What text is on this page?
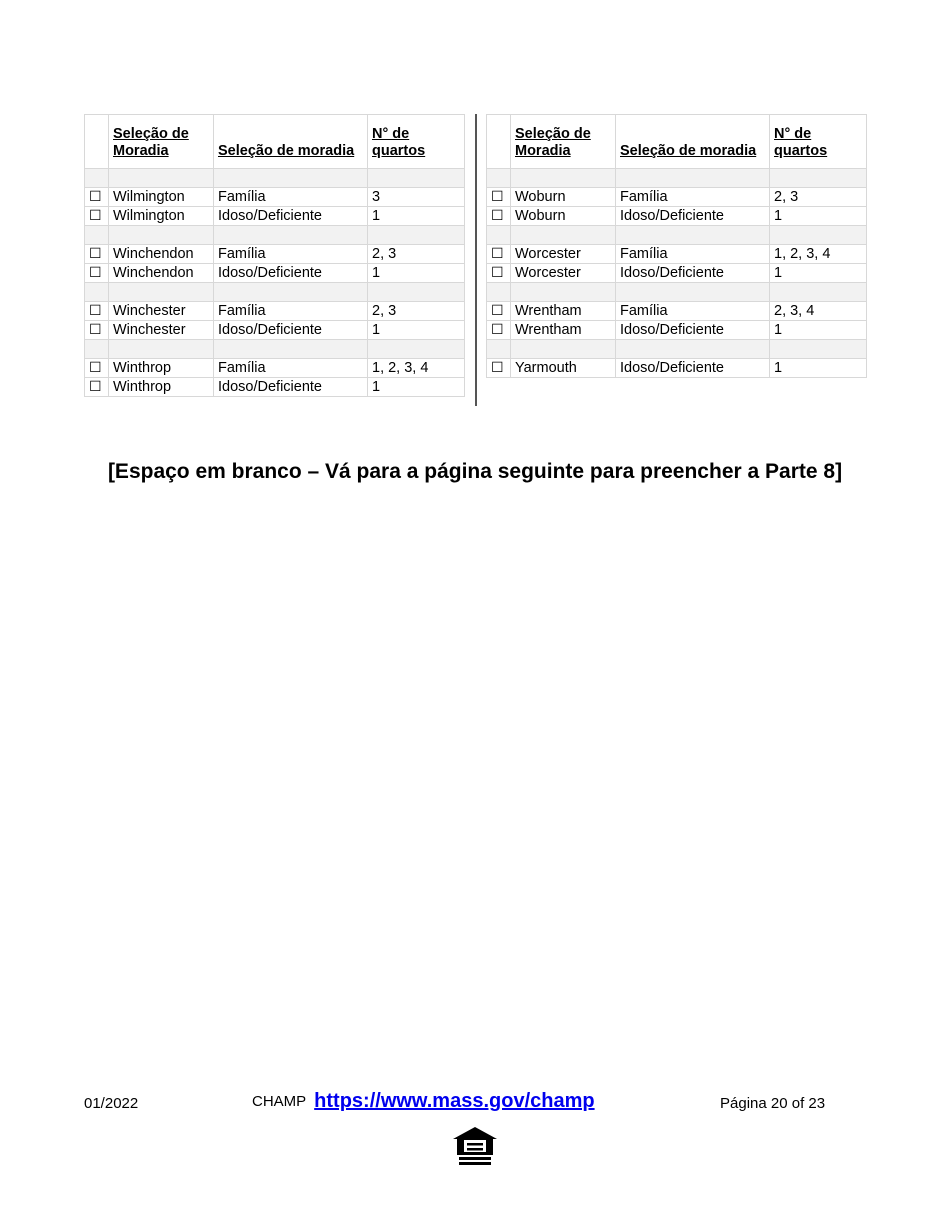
	Seleção de Moradia	Seleção de moradia	N° de quartos

☐	Wilmington	Família	3
☐	Wilmington	Idoso/Deficiente	1

☐	Winchendon	Família	2, 3
☐	Winchendon	Idoso/Deficiente	1

☐	Winchester	Família	2, 3
☐	Winchester	Idoso/Deficiente	1

☐	Winthrop	Família	1, 2, 3, 4
☐	Winthrop	Idoso/Deficiente	1

	Seleção de Moradia	Seleção de moradia	N° de quartos

☐	Woburn	Família	2, 3
☐	Woburn	Idoso/Deficiente	1

☐	Worcester	Família	1, 2, 3, 4
☐	Worcester	Idoso/Deficiente	1

☐	Wrentham	Família	2, 3, 4
☐	Wrentham	Idoso/Deficiente	1

☐	Yarmouth	Idoso/Deficiente	1
[Espaço em branco – Vá para a página seguinte para preencher a Parte 8]
01/2022	CHAMP https://www.mass.gov/champ	Página 20 of 23
